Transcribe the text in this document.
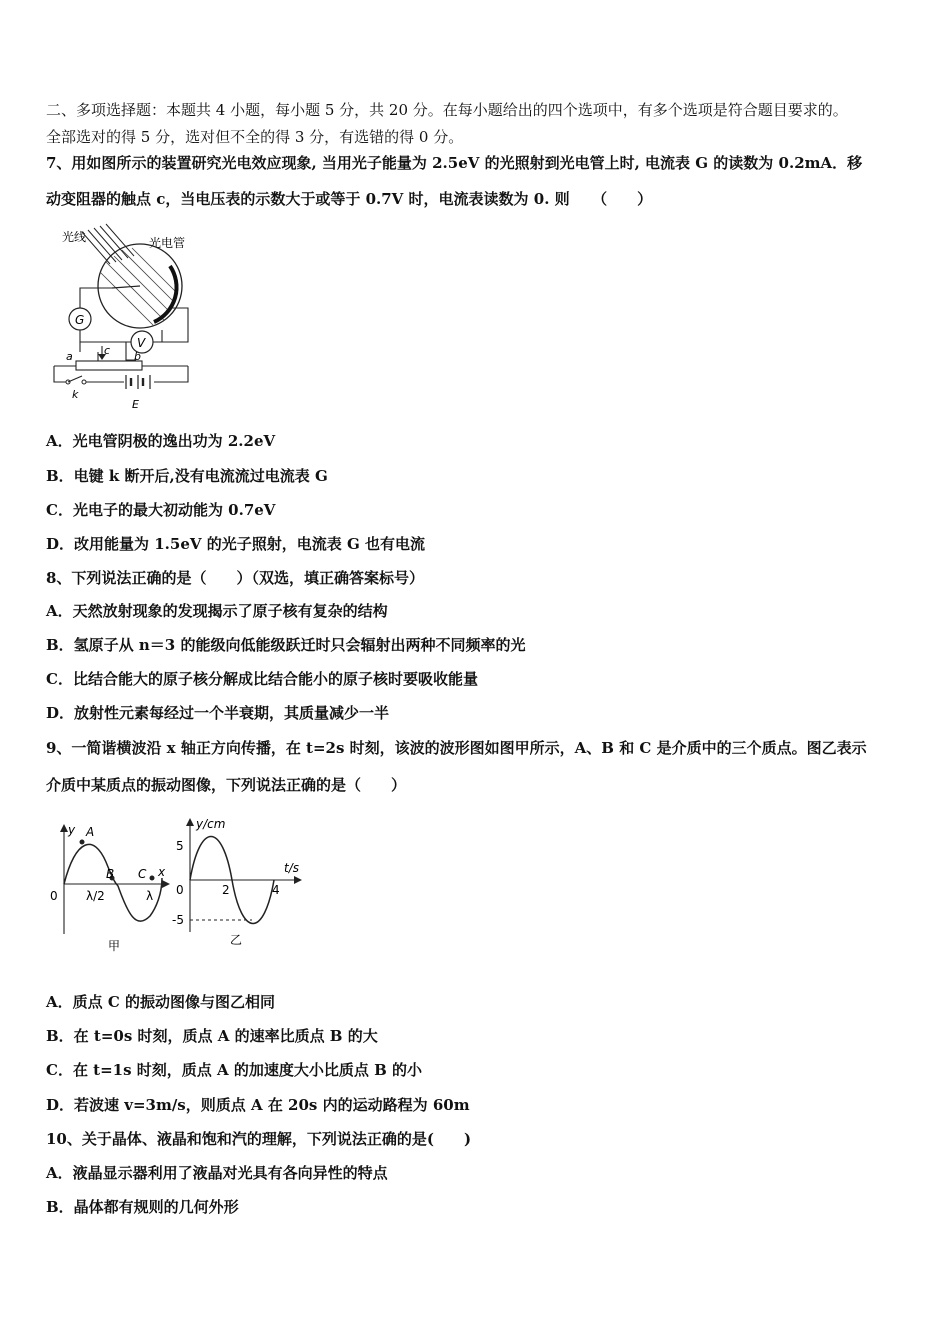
二、多项选择题：本题共 4 小题，每小题 5 分，共 20 分。在每小题给出的四个选项中，有多个选项是符合题目要求的。
全部选对的得 5 分，选对但不全的得 3 分，有选错的得 0 分。
7、用如图所示的装置研究光电效应现象, 当用光子能量为 2.5eV 的光照射到光电管上时, 电流表 G 的读数为 0.2mA．移
动变阻器的触点 c，当电压表的示数大于或等于 0.7V 时，电流表读数为 0. 则　　（　　）
光线	光电管
G
V
a	b
c
k
E
A．光电管阴极的逸出功为 2.2eV
B．电键 k 断开后,没有电流流过电流表 G
C．光电子的最大初动能为 0.7eV
D．改用能量为 1.5eV 的光子照射，电流表 G 也有电流
8、下列说法正确的是（　　）（双选，填正确答案标号）
A．天然放射现象的发现揭示了原子核有复杂的结构
B．氢原子从 n＝3 的能级向低能级跃迁时只会辐射出两种不同频率的光
C．比结合能大的原子核分解成比结合能小的原子核时要吸收能量
D．放射性元素每经过一个半衰期，其质量减少一半
9、一简谐横波沿 x 轴正方向传播，在 t=2s 时刻，该波的波形图如图甲所示，A、B 和 C 是介质中的三个质点。图乙表示
介质中某质点的振动图像，下列说法正确的是（　　）
y A
B C x
0 λ/2	λ
甲
y/cm
t/s
5
0	2	4
-5
乙
A．质点 C 的振动图像与图乙相同
B．在 t=0s 时刻，质点 A 的速率比质点 B 的大
C．在 t=1s 时刻，质点 A 的加速度大小比质点 B 的小
D．若波速 v=3m/s，则质点 A 在 20s 内的运动路程为 60m
10、关于晶体、液晶和饱和汽的理解，下列说法正确的是(　　)
A．液晶显示器利用了液晶对光具有各向异性的特点
B．晶体都有规则的几何外形
